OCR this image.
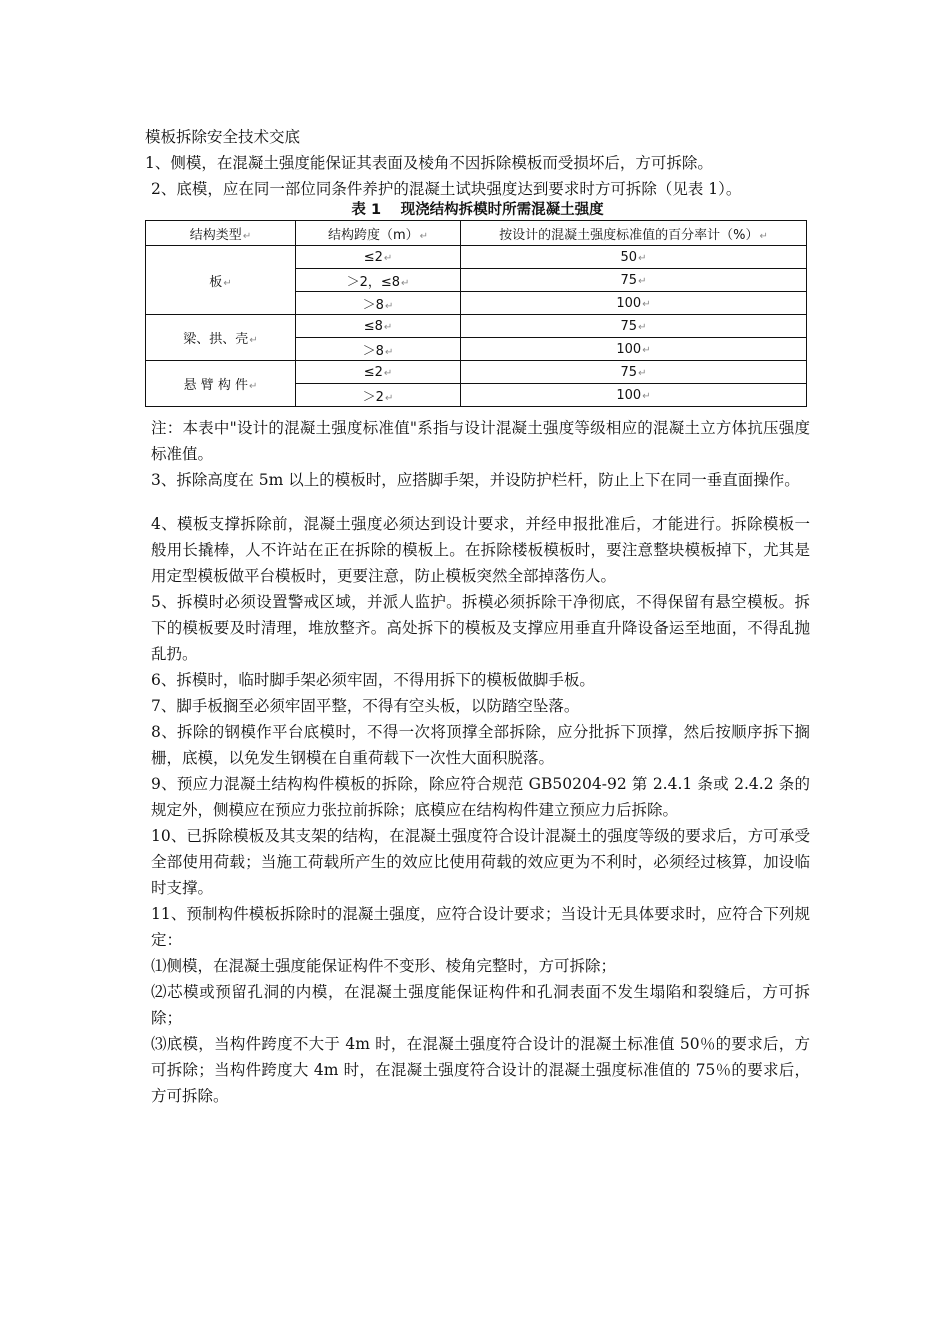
模板拆除安全技术交底

1、侧模，在混凝土强度能保证其表面及棱角不因拆除模板而受损坏后，方可拆除。

2、底模，应在同一部位同条件养护的混凝土试块强度达到要求时方可拆除（见表 1）。

表 1　 现浇结构拆模时所需混凝土强度

结构类型↵	结构跨度（m）↵	按设计的混凝土强度标准值的百分率计（%）↵
板↵	≤2↵	50↵
	＞2，≤8↵	75↵
	＞8↵	100↵
梁、拱、壳↵	≤8↵	75↵
	＞8↵	100↵
悬 臂 构 件↵	≤2↵	75↵
	＞2↵	100↵

注：本表中"设计的混凝土强度标准值"系指与设计混凝土强度等级相应的混凝土立方体抗压强度标准值。

3、拆除高度在 5m 以上的模板时，应搭脚手架，并设防护栏杆，防止上下在同一垂直面操作。

4、模板支撑拆除前，混凝土强度必须达到设计要求，并经申报批准后，才能进行。拆除模板一般用长撬棒，人不许站在正在拆除的模板上。在拆除楼板模板时，要注意整块模板掉下，尤其是用定型模板做平台模板时，更要注意，防止模板突然全部掉落伤人。

5、拆模时必须设置警戒区域，并派人监护。拆模必须拆除干净彻底，不得保留有悬空模板。拆下的模板要及时清理，堆放整齐。高处拆下的模板及支撑应用垂直升降设备运至地面，不得乱抛乱扔。

6、拆模时，临时脚手架必须牢固，不得用拆下的模板做脚手板。

7、脚手板搁至必须牢固平整，不得有空头板，以防踏空坠落。

8、拆除的钢模作平台底模时，不得一次将顶撑全部拆除，应分批拆下顶撑，然后按顺序拆下搁栅，底模，以免发生钢模在自重荷载下一次性大面积脱落。

9、预应力混凝土结构构件模板的拆除，除应符合规范 GB50204-92 第 2.4.1 条或 2.4.2 条的规定外，侧模应在预应力张拉前拆除；底模应在结构构件建立预应力后拆除。

10、已拆除模板及其支架的结构，在混凝土强度符合设计混凝土的强度等级的要求后，方可承受全部使用荷载；当施工荷载所产生的效应比使用荷载的效应更为不利时，必须经过核算，加设临时支撑。

11、预制构件模板拆除时的混凝土强度，应符合设计要求；当设计无具体要求时，应符合下列规定：

⑴侧模，在混凝土强度能保证构件不变形、棱角完整时，方可拆除；

⑵芯模或预留孔洞的内模，在混凝土强度能保证构件和孔洞表面不发生塌陷和裂缝后，方可拆除；

⑶底模，当构件跨度不大于 4m 时，在混凝土强度符合设计的混凝土标准值 50％的要求后，方可拆除；当构件跨度大 4m 时，在混凝土强度符合设计的混凝土强度标准值的 75％的要求后，方可拆除。
